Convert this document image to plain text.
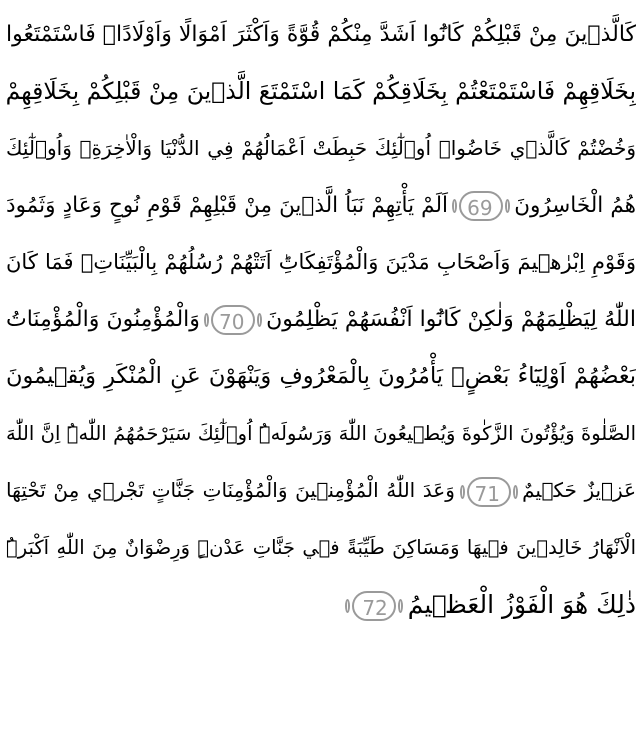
كَالَّذٖينَ مِنْ قَبْلِكُمْ كَانُٓوا اَشَدَّ مِنْكُمْ قُوَّةً وَاَكْثَرَ اَمْوَالًا وَاَوْلَادًاۜ فَاسْتَمْتَعُوا
بِخَلَاقِهِمْ فَاسْتَمْتَعْتُمْ بِخَلَاقِكُمْ كَمَا اسْتَمْتَعَ الَّذٖينَ مِنْ قَبْلِكُمْ بِخَلَاقِهِمْ
وَخُضْتُمْ كَالَّذٖي خَاضُواۜ اُو۬لٰٓئِكَ حَبِطَتْ اَعْمَالُهُمْ فِي الدُّنْيَا وَالْاٰخِرَةِۚ وَاُو۬لٰٓئِكَ
هُمُ الْخَاسِرُونَ 69 اَلَمْ يَأْتِهِمْ نَبَاُ الَّذٖينَ مِنْ قَبْلِهِمْ قَوْمِ نُوحٍ وَعَادٍ وَثَمُودَ
وَقَوْمِ اِبْرٰهٖيمَ وَاَصْحَابِ مَدْيَنَ وَالْمُؤْتَفِكَاتِؕ اَتَتْهُمْ رُسُلُهُمْ بِالْبَيِّنَاتِۚ فَمَا كَانَ
اللّٰهُ لِيَظْلِمَهُمْ وَلٰكِنْ كَانُٓوا اَنْفُسَهُمْ يَظْلِمُونَ 70 وَالْمُؤْمِنُونَ وَالْمُؤْمِنَاتُ
بَعْضُهُمْ اَوْلِيَٓاءُ بَعْضٍۢ يَأْمُرُونَ بِالْمَعْرُوفِ وَيَنْهَوْنَ عَنِ الْمُنْكَرِ وَيُقٖيمُونَ
الصَّلٰوةَ وَيُؤْتُونَ الزَّكٰوةَ وَيُطٖيعُونَ اللّٰهَ وَرَسُولَهُۜ اُو۬لٰٓئِكَ سَيَرْحَمُهُمُ اللّٰهُۜ اِنَّ اللّٰهَ
عَزٖيزٌ حَكٖيمٌ 71 وَعَدَ اللّٰهُ الْمُؤْمِنٖينَ وَالْمُؤْمِنَاتِ جَنَّاتٍ تَجْرٖي مِنْ تَحْتِهَا
الْاَنْهَارُ خَالِدٖينَ فٖيهَا وَمَسَاكِنَ طَيِّبَةً فٖي جَنَّاتِ عَدْنٍۜ وَرِضْوَانٌ مِنَ اللّٰهِ اَكْبَرُۜ
ذٰلِكَ هُوَ الْفَوْزُ الْعَظٖيمُ 72
